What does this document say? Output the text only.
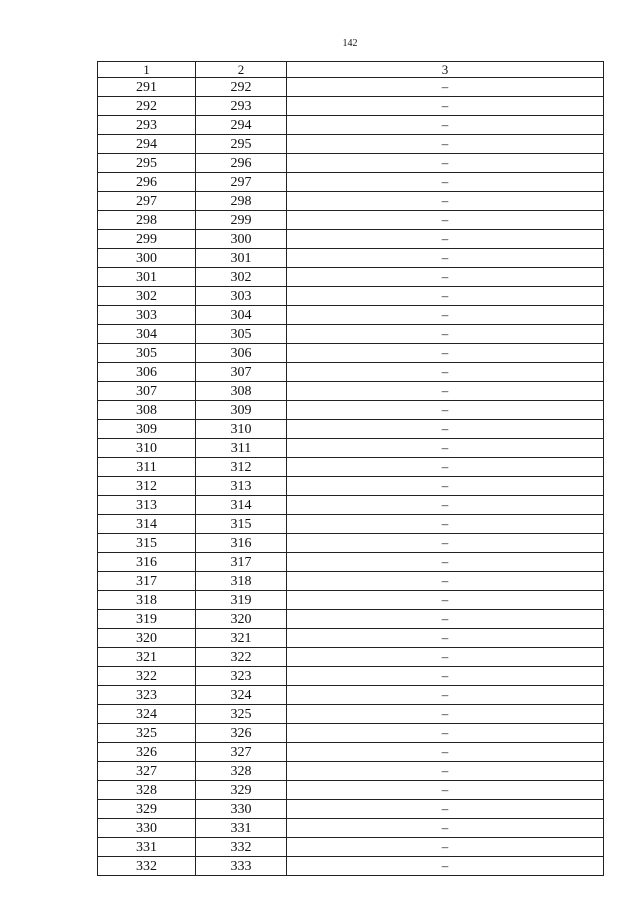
142
1	2	3
291	292	–
292	293	–
293	294	–
294	295	–
295	296	–
296	297	–
297	298	–
298	299	–
299	300	–
300	301	–
301	302	–
302	303	–
303	304	–
304	305	–
305	306	–
306	307	–
307	308	–
308	309	–
309	310	–
310	311	–
311	312	–
312	313	–
313	314	–
314	315	–
315	316	–
316	317	–
317	318	–
318	319	–
319	320	–
320	321	–
321	322	–
322	323	–
323	324	–
324	325	–
325	326	–
326	327	–
327	328	–
328	329	–
329	330	–
330	331	–
331	332	–
332	333	–
